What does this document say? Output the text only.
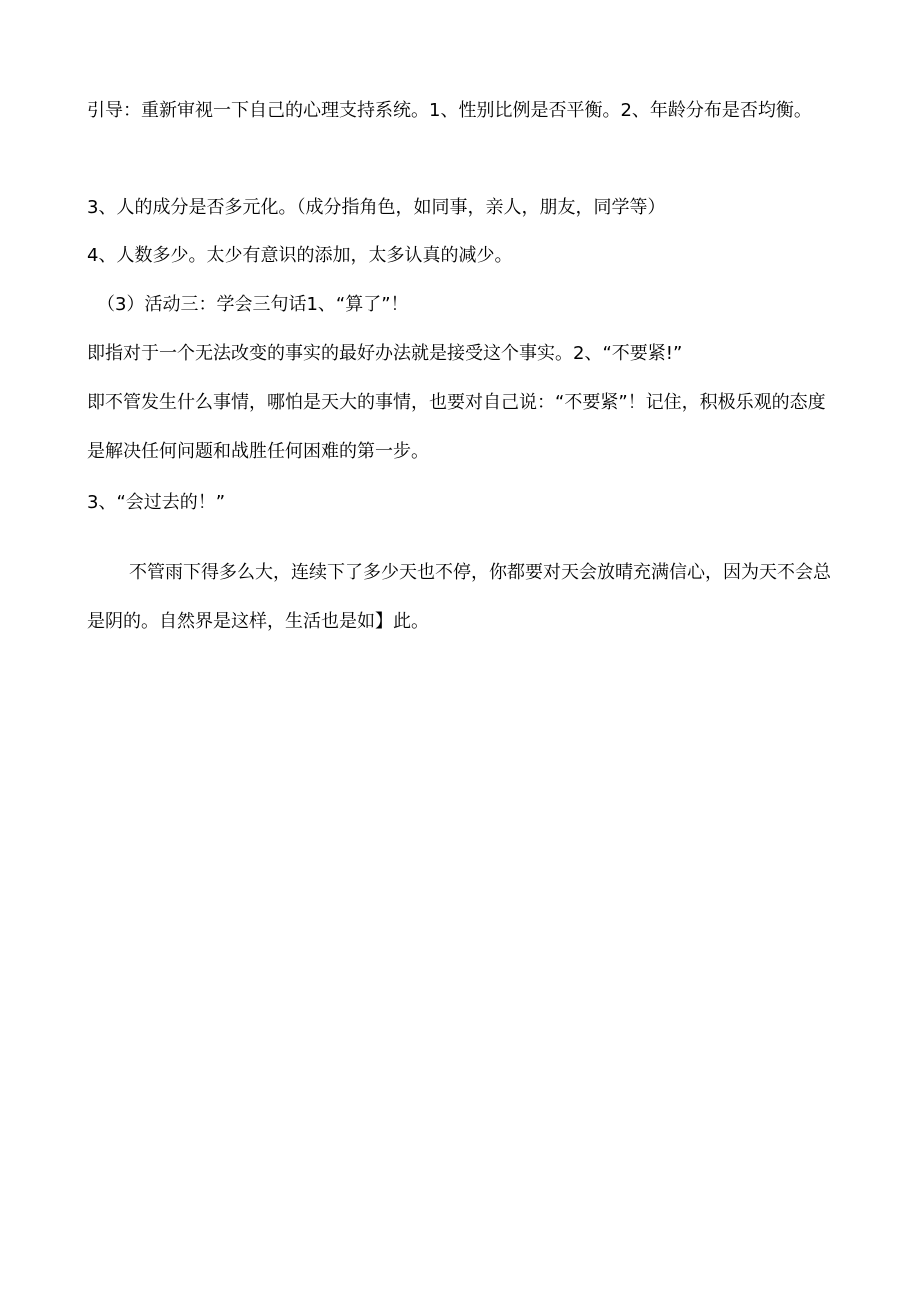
引导：重新审视一下自己的心理支持系统。1、性别比例是否平衡。2、年龄分布是否均衡。

3、人的成分是否多元化。（成分指角色，如同事，亲人，朋友，同学等）

4、人数多少。太少有意识的添加，太多认真的减少。

（3）活动三：学会三句话1、“算了”！

即指对于一个无法改变的事实的最好办法就是接受这个事实。2、“不要紧!”

即不管发生什么事情，哪怕是天大的事情，也要对自己说：“不要紧”！记住，积极乐观的态度是解决任何问题和战胜任何困难的第一步。

3、“会过去的！”

不管雨下得多么大，连续下了多少天也不停，你都要对天会放晴充满信心，因为天不会总是阴的。自然界是这样，生活也是如】此。
